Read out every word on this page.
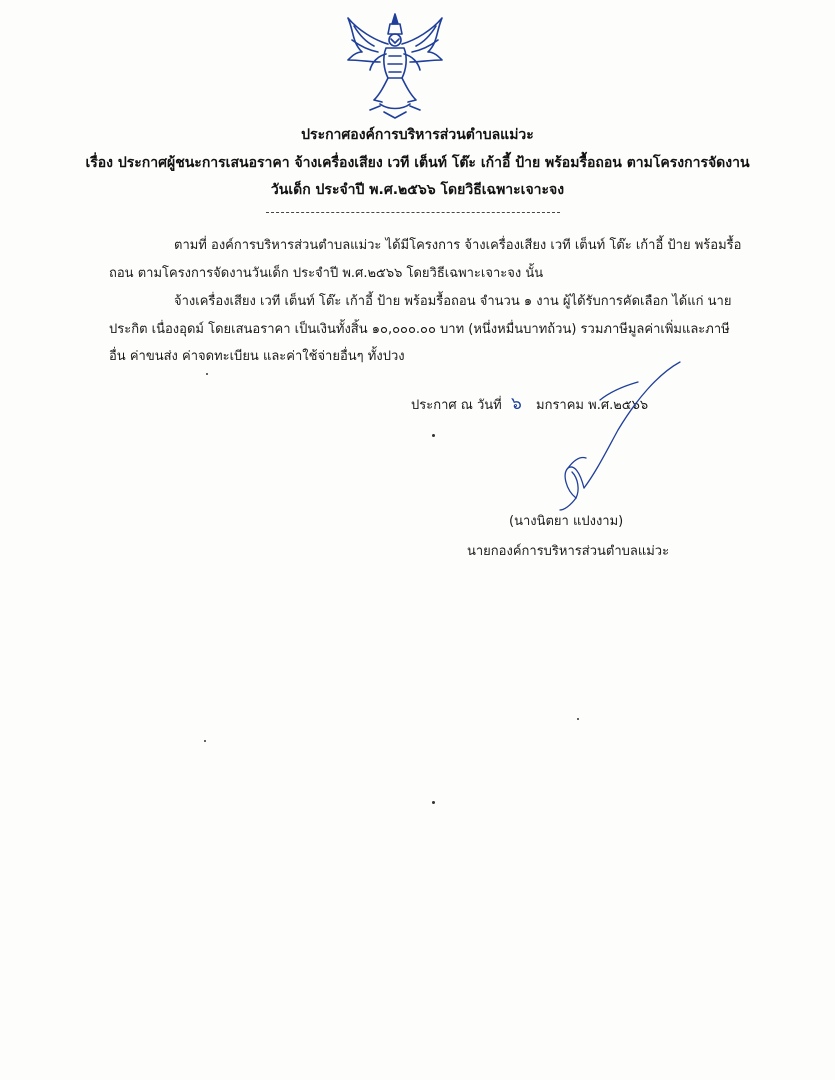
ประกาศองค์การบริหารส่วนตำบลแม่วะ
เรื่อง ประกาศผู้ชนะการเสนอราคา จ้างเครื่องเสียง เวที เต็นท์ โต๊ะ เก้าอี้ ป้าย พร้อมรื้อถอน ตามโครงการจัดงาน
วันเด็ก ประจำปี พ.ศ.๒๕๖๖ โดยวิธีเฉพาะเจาะจง
ตามที่ องค์การบริหารส่วนตำบลแม่วะ ได้มีโครงการ จ้างเครื่องเสียง เวที เต็นท์ โต๊ะ เก้าอี้ ป้าย พร้อมรื้อ
ถอน ตามโครงการจัดงานวันเด็ก ประจำปี พ.ศ.๒๕๖๖ โดยวิธีเฉพาะเจาะจง นั้น
จ้างเครื่องเสียง เวที เต็นท์ โต๊ะ เก้าอี้ ป้าย พร้อมรื้อถอน จำนวน ๑ งาน ผู้ได้รับการคัดเลือก ได้แก่ นาย
ประกิต เนื่องอุดม์ โดยเสนอราคา เป็นเงินทั้งสิ้น ๑๐,๐๐๐.๐๐ บาท (หนึ่งหมื่นบาทถ้วน) รวมภาษีมูลค่าเพิ่มและภาษี
อื่น ค่าขนส่ง ค่าจดทะเบียน และค่าใช้จ่ายอื่นๆ ทั้งปวง
ประกาศ ณ วันที่ ๖ มกราคม พ.ศ.๒๕๖๖
(นางนิตยา แปงงาม)
นายกองค์การบริหารส่วนตำบลแม่วะ
